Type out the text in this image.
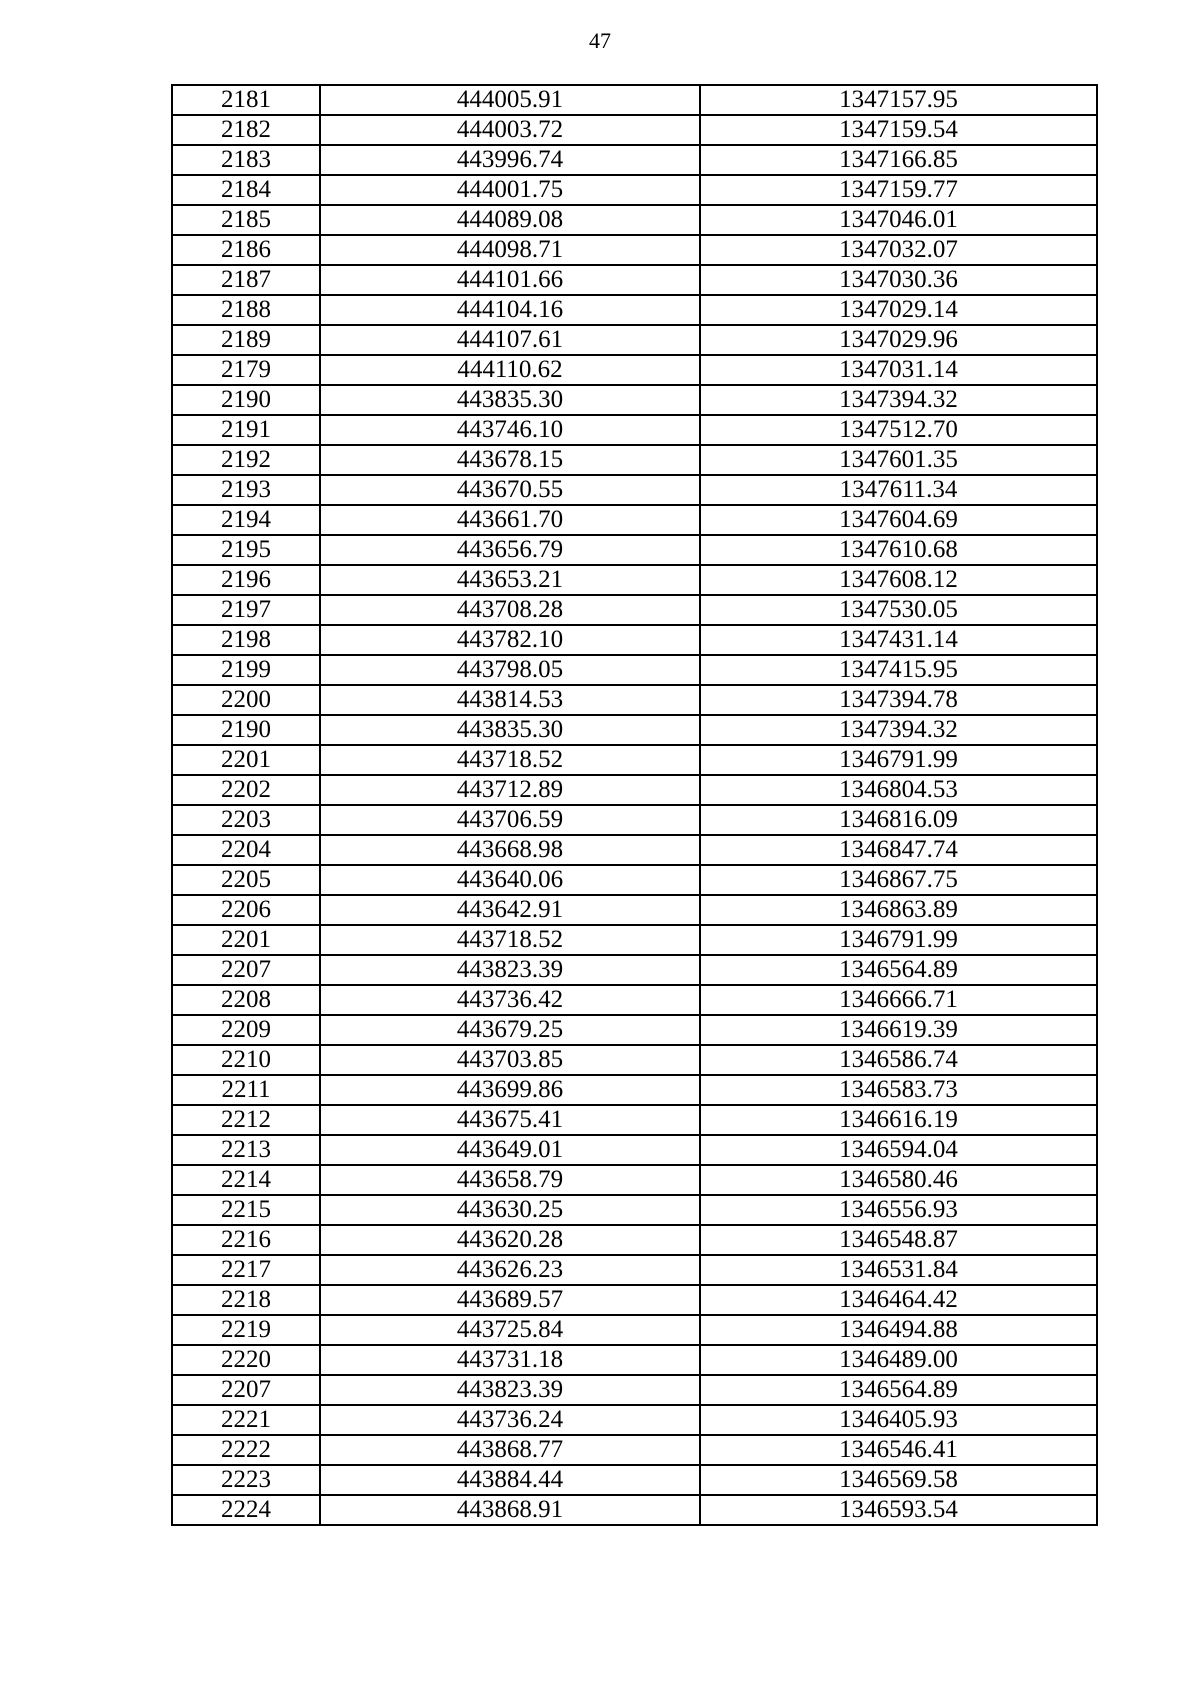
47
2181	444005.91	1347157.95
2182	444003.72	1347159.54
2183	443996.74	1347166.85
2184	444001.75	1347159.77
2185	444089.08	1347046.01
2186	444098.71	1347032.07
2187	444101.66	1347030.36
2188	444104.16	1347029.14
2189	444107.61	1347029.96
2179	444110.62	1347031.14
2190	443835.30	1347394.32
2191	443746.10	1347512.70
2192	443678.15	1347601.35
2193	443670.55	1347611.34
2194	443661.70	1347604.69
2195	443656.79	1347610.68
2196	443653.21	1347608.12
2197	443708.28	1347530.05
2198	443782.10	1347431.14
2199	443798.05	1347415.95
2200	443814.53	1347394.78
2190	443835.30	1347394.32
2201	443718.52	1346791.99
2202	443712.89	1346804.53
2203	443706.59	1346816.09
2204	443668.98	1346847.74
2205	443640.06	1346867.75
2206	443642.91	1346863.89
2201	443718.52	1346791.99
2207	443823.39	1346564.89
2208	443736.42	1346666.71
2209	443679.25	1346619.39
2210	443703.85	1346586.74
2211	443699.86	1346583.73
2212	443675.41	1346616.19
2213	443649.01	1346594.04
2214	443658.79	1346580.46
2215	443630.25	1346556.93
2216	443620.28	1346548.87
2217	443626.23	1346531.84
2218	443689.57	1346464.42
2219	443725.84	1346494.88
2220	443731.18	1346489.00
2207	443823.39	1346564.89
2221	443736.24	1346405.93
2222	443868.77	1346546.41
2223	443884.44	1346569.58
2224	443868.91	1346593.54
